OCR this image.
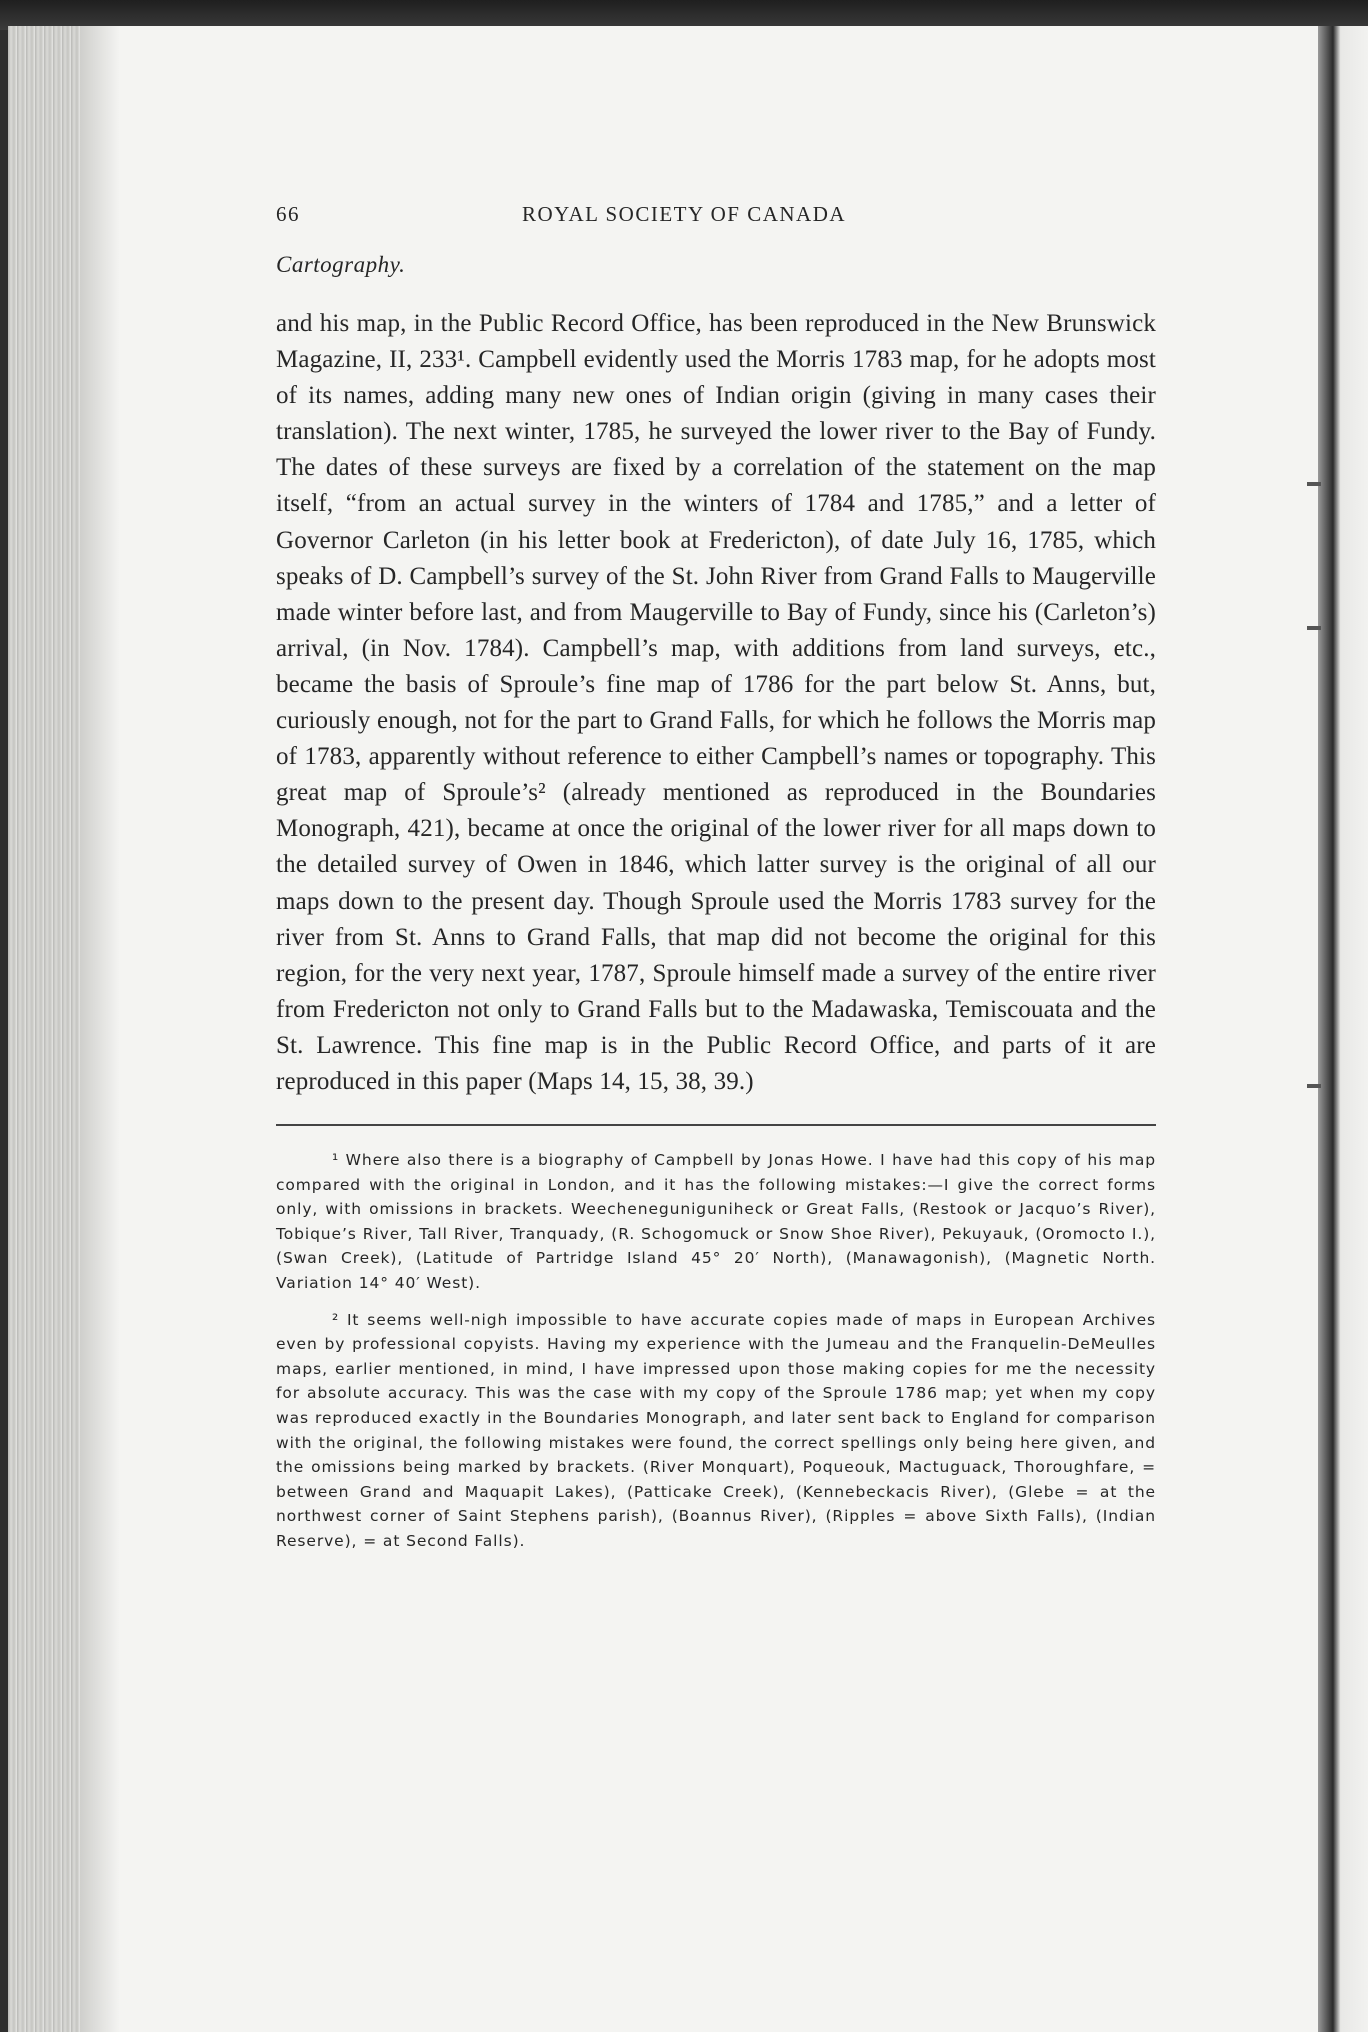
66	ROYAL SOCIETY OF CANADA
Cartography.

and his map, in the Public Record Office, has been reproduced in the New Brunswick Magazine, II, 233¹. Campbell evidently used the Morris 1783 map, for he adopts most of its names, adding many new ones of Indian origin (giving in many cases their translation). The next winter, 1785, he surveyed the lower river to the Bay of Fundy. The dates of these surveys are fixed by a correlation of the statement on the map itself, “from an actual survey in the winters of 1784 and 1785,” and a letter of Governor Carleton (in his letter book at Fredericton), of date July 16, 1785, which speaks of D. Campbell’s survey of the St. John River from Grand Falls to Maugerville made winter before last, and from Maugerville to Bay of Fundy, since his (Carleton’s) arrival, (in Nov. 1784). Campbell’s map, with additions from land surveys, etc., became the basis of Sproule’s fine map of 1786 for the part below St. Anns, but, curiously enough, not for the part to Grand Falls, for which he follows the Morris map of 1783, apparently without reference to either Campbell’s names or topography. This great map of Sproule’s² (already mentioned as reproduced in the Boundaries Monograph, 421), became at once the original of the lower river for all maps down to the detailed survey of Owen in 1846, which latter survey is the original of all our maps down to the present day. Though Sproule used the Morris 1783 survey for the river from St. Anns to Grand Falls, that map did not become the original for this region, for the very next year, 1787, Sproule himself made a survey of the entire river from Fredericton not only to Grand Falls but to the Madawaska, Temiscouata and the St. Lawrence. This fine map is in the Public Record Office, and parts of it are reproduced in this paper (Maps 14, 15, 38, 39.)

¹ Where also there is a biography of Campbell by Jonas Howe. I have had this copy of his map compared with the original in London, and it has the following mistakes:—I give the correct forms only, with omissions in brackets. Weecheneguniguniheck or Great Falls, (Restook or Jacquo’s River), Tobique’s River, Tall River, Tranquady, (R. Schogomuck or Snow Shoe River), Pekuyauk, (Oromocto I.), (Swan Creek), (Latitude of Partridge Island 45° 20′ North), (Manawagonish), (Magnetic North. Variation 14° 40′ West).

² It seems well-nigh impossible to have accurate copies made of maps in European Archives even by professional copyists. Having my experience with the Jumeau and the Franquelin-DeMeulles maps, earlier mentioned, in mind, I have impressed upon those making copies for me the necessity for absolute accuracy. This was the case with my copy of the Sproule 1786 map; yet when my copy was reproduced exactly in the Boundaries Monograph, and later sent back to England for comparison with the original, the following mistakes were found, the correct spellings only being here given, and the omissions being marked by brackets. (River Monquart), Poqueouk, Mactuguack, Thoroughfare, = between Grand and Maquapit Lakes), (Patticake Creek), (Kennebeckacis River), (Glebe = at the northwest corner of Saint Stephens parish), (Boannus River), (Ripples = above Sixth Falls), (Indian Reserve), = at Second Falls).
